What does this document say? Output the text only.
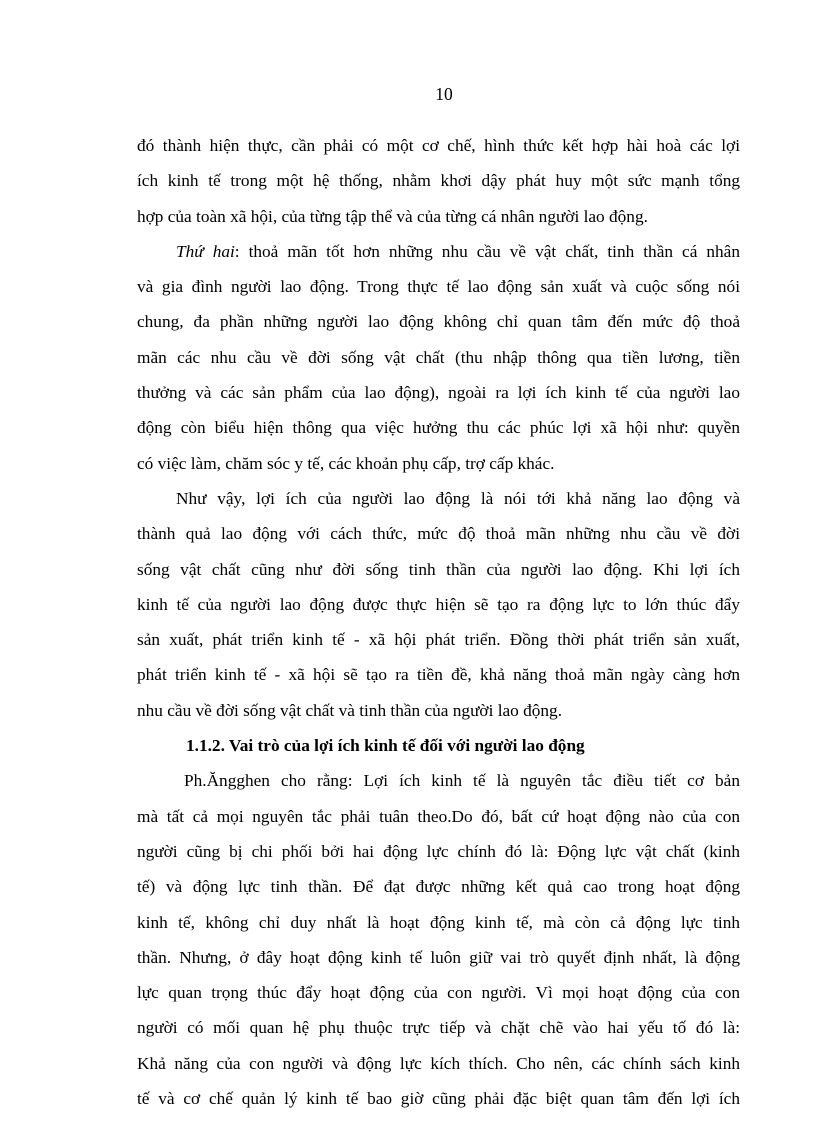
10
đó thành hiện thực, cần phải có một cơ chế, hình thức kết hợp hài hoà các lợi
ích kinh tế trong một hệ thống, nhằm khơi dậy phát huy một sức mạnh tổng
hợp của toàn xã hội, của từng tập thể và của từng cá nhân người lao động.
Thứ hai: thoả mãn tốt hơn những nhu cầu về vật chất, tinh thần cá nhân
và gia đình người lao động. Trong thực tế lao động sản xuất và cuộc sống nói
chung, đa phần những người lao động không chỉ quan tâm đến mức độ thoả
mãn các nhu cầu về đời sống vật chất (thu nhập thông qua tiền lương, tiền
thưởng và các sản phẩm của lao động), ngoài ra lợi ích kinh tế của người lao
động còn biểu hiện thông qua việc hưởng thu các phúc lợi xã hội như: quyền
có việc làm, chăm sóc y tế, các khoản phụ cấp, trợ cấp khác.
Như vậy, lợi ích của người lao động là nói tới khả năng lao động và
thành quả lao động với cách thức, mức độ thoả mãn những nhu cầu về đời
sống vật chất cũng như đời sống tinh thần của người lao động. Khi lợi ích
kinh tế của người lao động được thực hiện sẽ tạo ra động lực to lớn thúc đẩy
sản xuất, phát triển kinh tế - xã hội phát triển. Đồng thời phát triển sản xuất,
phát triển kinh tế - xã hội sẽ tạo ra tiền đề, khả năng thoả mãn ngày càng hơn
nhu cầu về đời sống vật chất và tinh thần của người lao động.
1.1.2. Vai trò của lợi ích kinh tế đối với người lao động
Ph.Ăngghen cho rằng: Lợi ích kinh tế là nguyên tắc điều tiết cơ bản
mà tất cả mọi nguyên tắc phải tuân theo.Do đó, bất cứ hoạt động nào của con
người cũng bị chi phối bởi hai động lực chính đó là: Động lực vật chất (kinh
tế) và động lực tinh thần. Để đạt được những kết quả cao trong hoạt động
kinh tế, không chỉ duy nhất là hoạt động kinh tế, mà còn cả động lực tinh
thần. Nhưng, ở đây hoạt động kinh tế luôn giữ vai trò quyết định nhất, là động
lực quan trọng thúc đẩy hoạt động của con người. Vì mọi hoạt động của con
người có mối quan hệ phụ thuộc trực tiếp và chặt chẽ vào hai yếu tố đó là:
Khả năng của con người và động lực kích thích. Cho nên, các chính sách kinh
tế và cơ chế quản lý kinh tế bao giờ cũng phải đặc biệt quan tâm đến lợi ích
